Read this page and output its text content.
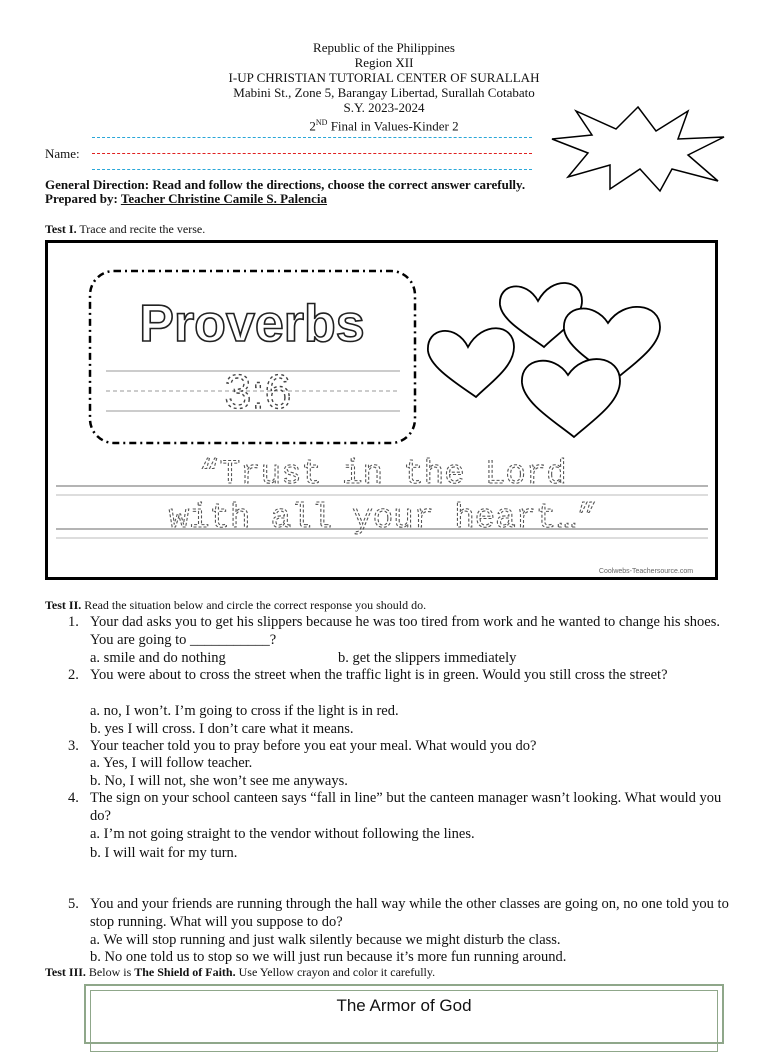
Republic of the Philippines
Region XII
I-UP CHRISTIAN TUTORIAL CENTER OF SURALLAH
Mabini St., Zone 5, Barangay Libertad, Surallah Cotabato
S.Y. 2023-2024
2ND Final in Values-Kinder 2
Name:
General Direction: Read and follow the directions, choose the correct answer carefully.
Prepared by: Teacher Christine Camile S. Palencia
Test I. Trace and recite the verse.
Proverbs
3:6
“Trust in the Lord
with all your heart…”
Coolwebs-Teachersource.com
Test II. Read the situation below and circle the correct response you should do.
1. Your dad asks you to get his slippers because he was too tired from work and he wanted to change his shoes. You are going to ___________?
a. smile and do nothing	b. get the slippers immediately
2. You were about to cross the street when the traffic light is in green. Would you still cross the street?
a. no, I won’t. I’m going to cross if the light is in red.
b. yes I will cross. I don’t care what it means.
3. Your teacher told you to pray before you eat your meal. What would you do?
a. Yes, I will follow teacher.
b. No, I will not, she won’t see me anyways.
4. The sign on your school canteen says “fall in line” but the canteen manager wasn’t looking. What would you do?
a. I’m not going straight to the vendor without following the lines.
b. I will wait for my turn.
5. You and your friends are running through the hall way while the other classes are going on, no one told you to stop running. What will you suppose to do?
a. We will stop running and just walk silently because we might disturb the class.
b. No one told us to stop so we will just run because it’s more fun running around.
Test III. Below is The Shield of Faith. Use Yellow crayon and color it carefully.
The Armor of God
